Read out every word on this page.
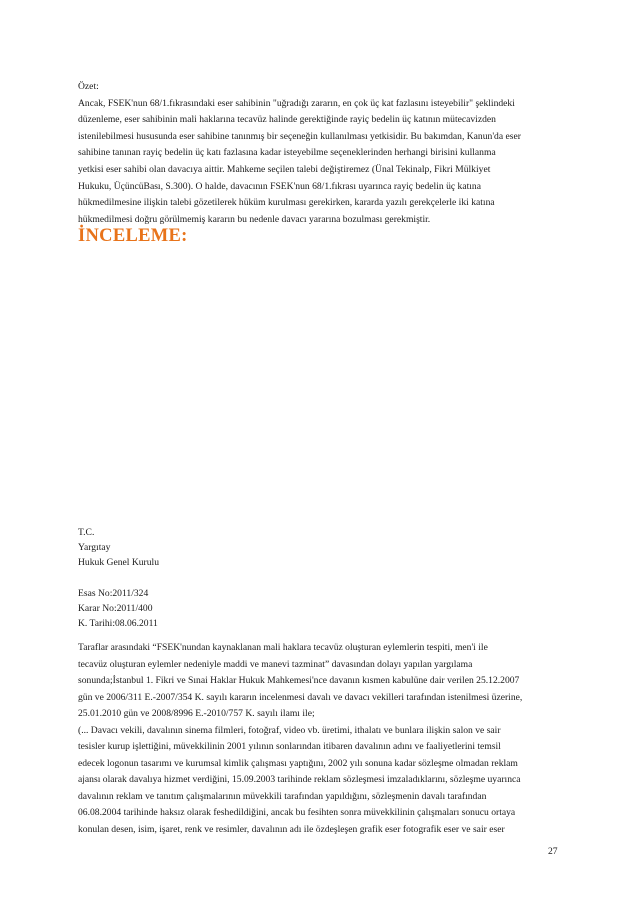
Özet:

Ancak, FSEK'nun 68/1.fıkrasındaki eser sahibinin "uğradığı zararın, en çok üç kat fazlasını isteyebilir" şeklindeki

düzenleme, eser sahibinin mali haklarına tecavüz halinde gerektiğinde rayiç bedelin üç katının mütecavizden

istenilebilmesi hususunda eser sahibine tanınmış bir seçeneğin kullanılması yetkisidir. Bu bakımdan, Kanun'da eser

sahibine tanınan rayiç bedelin üç katı fazlasına kadar isteyebilme seçeneklerinden herhangi birisini kullanma

yetkisi eser sahibi olan davacıya aittir. Mahkeme seçilen talebi değiştiremez (Ünal Tekinalp, Fikri Mülkiyet

Hukuku, ÜçüncüBası, S.300). O halde, davacının FSEK'nun 68/1.fıkrası uyarınca rayiç bedelin üç katına

hükmedilmesine ilişkin talebi gözetilerek hüküm kurulması gerekirken, kararda yazılı gerekçelerle iki katına

hükmedilmesi doğru görülmemiş kararın bu nedenle davacı yararına bozulması gerekmiştir.

İNCELEME:
T.C.
Yargıtay
Hukuk Genel Kurulu
Esas No:2011/324
Karar No:2011/400
K. Tarihi:08.06.2011
Taraflar arasındaki “FSEK'nundan kaynaklanan mali haklara tecavüz oluşturan eylemlerin tespiti, men'i ile
tecavüz oluşturan eylemler nedeniyle maddi ve manevi tazminat” davasından dolayı yapılan yargılama
sonunda;İstanbul 1. Fikri ve Sınai Haklar Hukuk Mahkemesi'nce davanın kısmen kabulüne dair verilen 25.12.2007
gün ve 2006/311 E.-2007/354 K. sayılı kararın incelenmesi davalı ve davacı vekilleri tarafından istenilmesi üzerine,
25.01.2010 gün ve 2008/8996 E.-2010/757 K. sayılı ilamı ile;
(... Davacı vekili, davalının sinema filmleri, fotoğraf, video vb. üretimi, ithalatı ve bunlara ilişkin salon ve sair
tesisler kurup işlettiğini, müvekkilinin 2001 yılının sonlarından itibaren davalının adını ve faaliyetlerini temsil
edecek logonun tasarımı ve kurumsal kimlik çalışması yaptığını, 2002 yılı sonuna kadar sözleşme olmadan reklam
ajansı olarak davalıya hizmet verdiğini, 15.09.2003 tarihinde reklam sözleşmesi imzaladıklarını, sözleşme uyarınca
davalının reklam ve tanıtım çalışmalarının müvekkili tarafından yapıldığını, sözleşmenin davalı tarafından
06.08.2004 tarihinde haksız olarak feshedildiğini, ancak bu fesihten sonra müvekkilinin çalışmaları sonucu ortaya
konulan desen, isim, işaret, renk ve resimler, davalının adı ile özdeşleşen grafik eser fotografik eser ve sair eser
27
